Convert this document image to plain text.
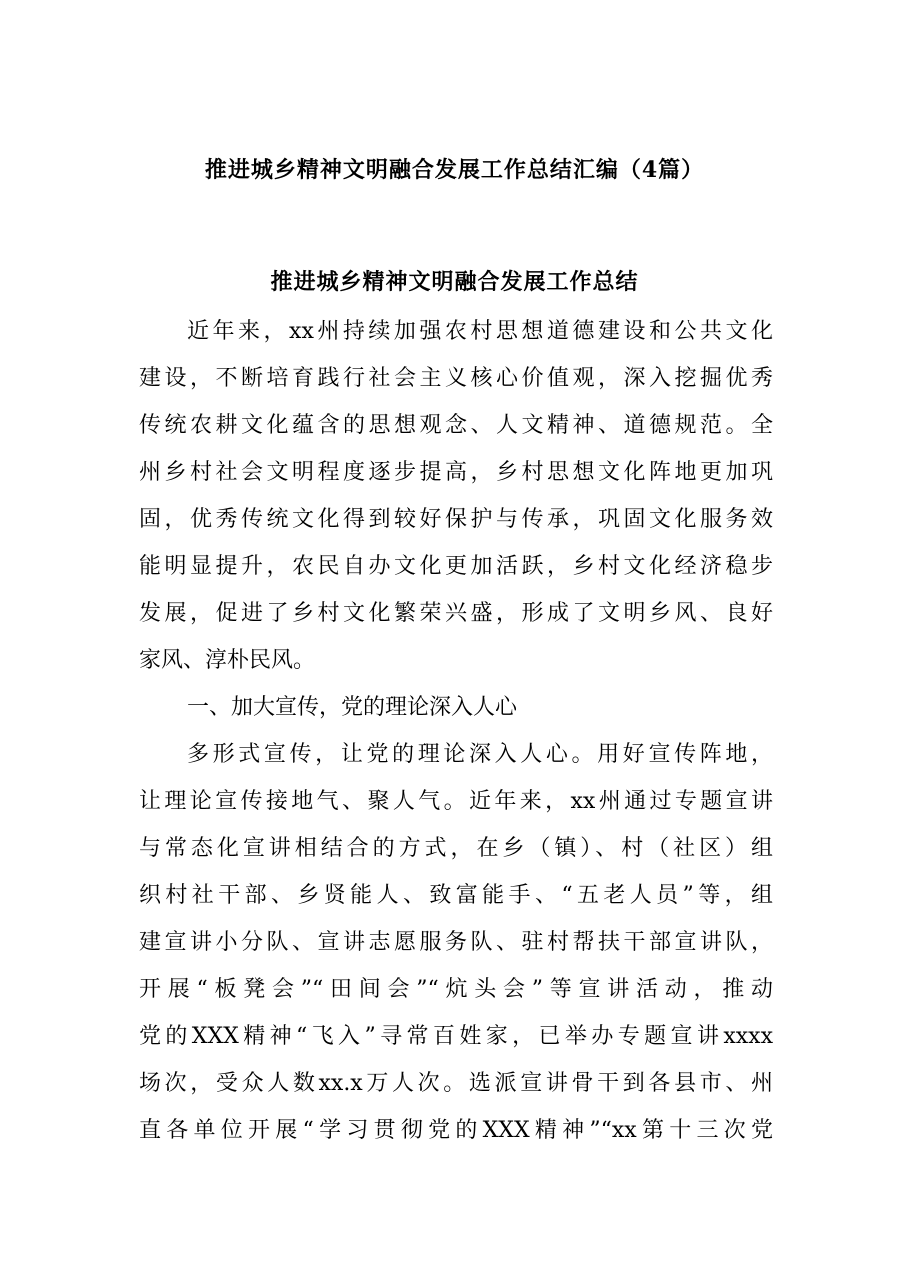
推进城乡精神文明融合发展工作总结汇编（4篇）
推进城乡精神文明融合发展工作总结
近年来，xx州持续加强农村思想道德建设和公共文化
建设，不断培育践行社会主义核心价值观，深入挖掘优秀
传统农耕文化蕴含的思想观念、人文精神、道德规范。全
州乡村社会文明程度逐步提高，乡村思想文化阵地更加巩
固，优秀传统文化得到较好保护与传承，巩固文化服务效
能明显提升，农民自办文化更加活跃，乡村文化经济稳步
发展，促进了乡村文化繁荣兴盛，形成了文明乡风、良好
家风、淳朴民风。
一、加大宣传，党的理论深入人心
多形式宣传，让党的理论深入人心。用好宣传阵地，
让理论宣传接地气、聚人气。近年来，xx州通过专题宣讲
与常态化宣讲相结合的方式，在乡（镇）、村（社区）组
织村社干部、乡贤能人、致富能手、“五老人员”等，组
建宣讲小分队、宣讲志愿服务队、驻村帮扶干部宣讲队，
开展“板凳会”“田间会”“炕头会”等宣讲活动，推动
党的XXX精神“飞入”寻常百姓家，已举办专题宣讲xxxx
场次，受众人数xx.x万人次。选派宣讲骨干到各县市、州
直各单位开展“学习贯彻党的XXX精神”“xx第十三次党
